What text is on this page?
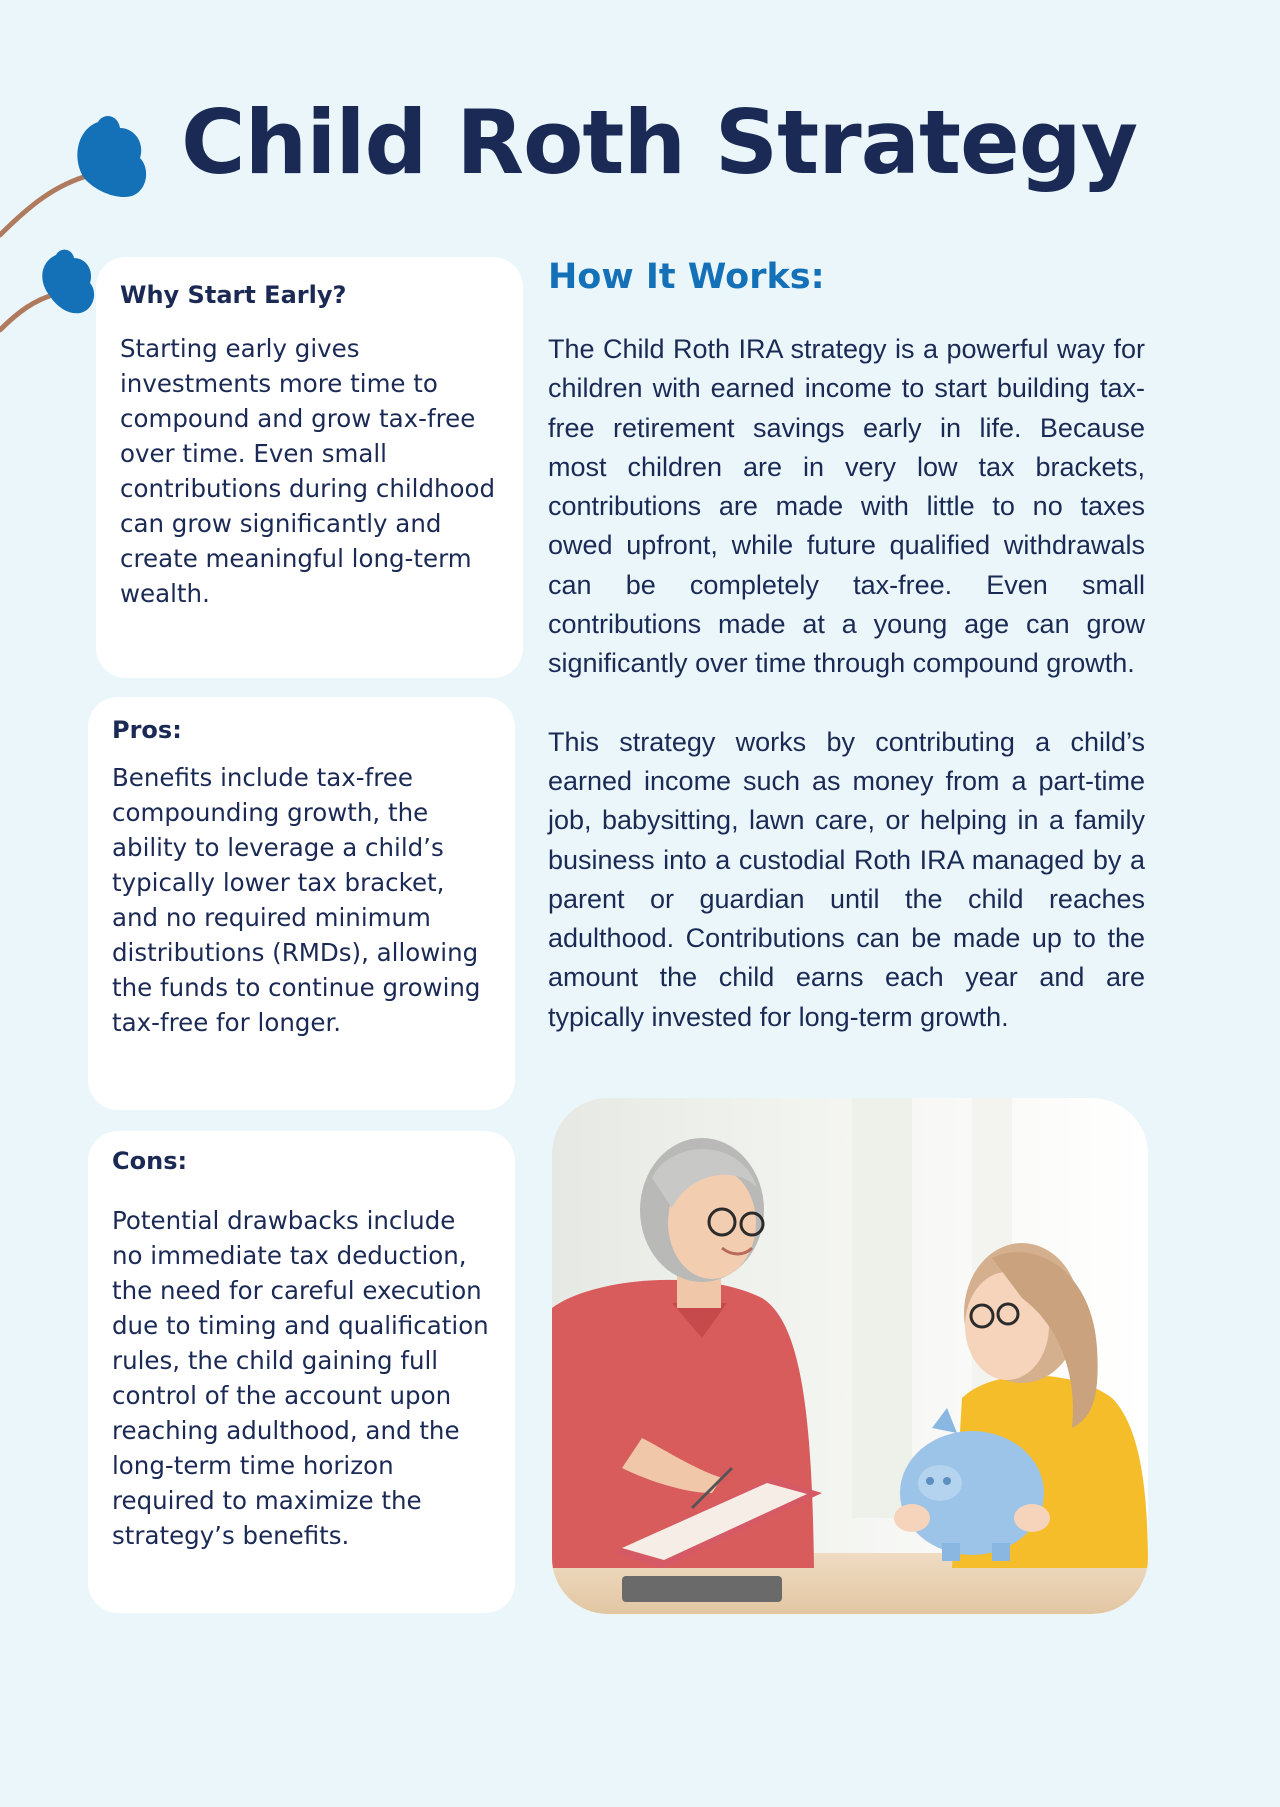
Child Roth Strategy
Why Start Early?

Starting early gives investments more time to compound and grow tax-free over time. Even small contributions during childhood can grow significantly and create meaningful long-term wealth.

Pros:

Benefits include tax-free compounding growth, the ability to leverage a child’s typically lower tax bracket, and no required minimum distributions (RMDs), allowing the funds to continue growing tax-free for longer.

Cons:

Potential drawbacks include no immediate tax deduction, the need for careful execution due to timing and qualification rules, the child gaining full control of the account upon reaching adulthood, and the long-term time horizon required to maximize the strategy’s benefits.

How It Works:

The Child Roth IRA strategy is a powerful way for children with earned income to start building tax-free retirement savings early in life. Because most children are in very low tax brackets, contributions are made with little to no taxes owed upfront, while future qualified withdrawals can be completely tax-free. Even small contributions made at a young age can grow significantly over time through compound growth.

This strategy works by contributing a child’s earned income such as money from a part-time job, babysitting, lawn care, or helping in a family business into a custodial Roth IRA managed by a parent or guardian until the child reaches adulthood. Contributions can be made up to the amount the child earns each year and are typically invested for long-term growth.
